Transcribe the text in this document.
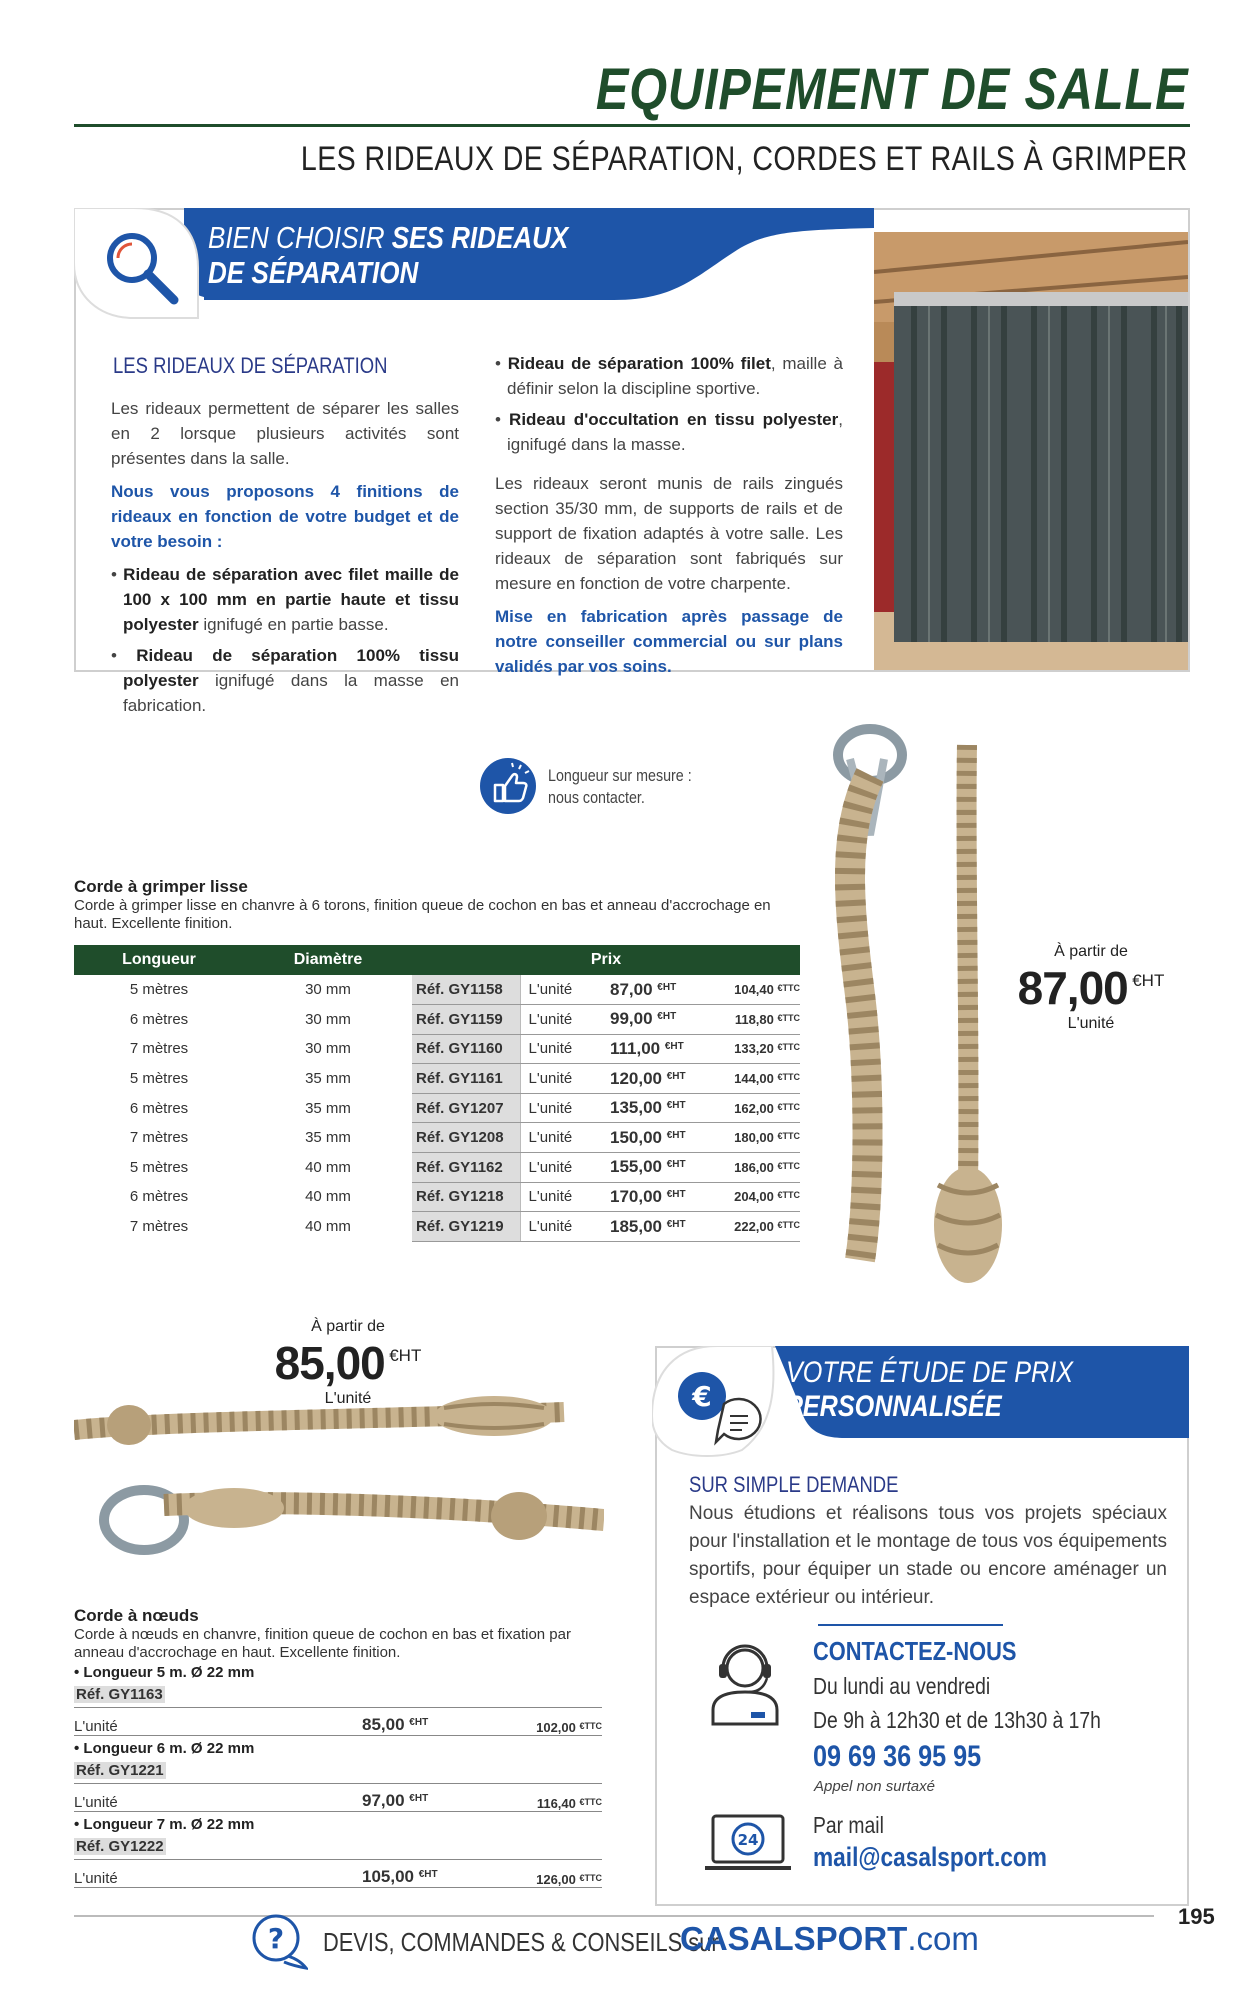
EQUIPEMENT DE SALLE
LES RIDEAUX DE SÉPARATION, CORDES ET RAILS À GRIMPER
BIEN CHOISIR SES RIDEAUX
DE SÉPARATION
LES RIDEAUX DE SÉPARATION

Les rideaux permettent de séparer les salles en 2 lorsque plusieurs activités sont présentes dans la salle.

Nous vous proposons 4 finitions de rideaux en fonction de votre budget et de votre besoin :

• Rideau de séparation avec filet maille de 100 x 100 mm en partie haute et tissu polyester ignifugé en partie basse.

• Rideau de séparation 100% tissu polyester ignifugé dans la masse en fabrication.

• Rideau de séparation 100% filet, maille à définir selon la discipline sportive.

• Rideau d'occultation en tissu polyester, ignifugé dans la masse.

Les rideaux seront munis de rails zingués section 35/30 mm, de supports de rails et de support de fixation adaptés à votre salle. Les rideaux de séparation sont fabriqués sur mesure en fonction de votre charpente.

Mise en fabrication après passage de notre conseiller commercial ou sur plans validés par vos soins.

Longueur sur mesure :
nous contacter.
Corde à grimper lisse
Corde à grimper lisse en chanvre à 6 torons, finition queue de cochon en bas et anneau d'accrochage en haut. Excellente finition.
Longueur	Diamètre	Prix			
5 mètres	30 mm	Réf. GY1158	L'unité	87,00 $^{€HT}$	104,40 $^{€TTC}$
6 mètres	30 mm	Réf. GY1159	L'unité	99,00 $^{€HT}$	118,80 $^{€TTC}$
7 mètres	30 mm	Réf. GY1160	L'unité	111,00 $^{€HT}$	133,20 $^{€TTC}$
5 mètres	35 mm	Réf. GY1161	L'unité	120,00 $^{€HT}$	144,00 $^{€TTC}$
6 mètres	35 mm	Réf. GY1207	L'unité	135,00 $^{€HT}$	162,00 $^{€TTC}$
7 mètres	35 mm	Réf. GY1208	L'unité	150,00 $^{€HT}$	180,00 $^{€TTC}$
5 mètres	40 mm	Réf. GY1162	L'unité	155,00 $^{€HT}$	186,00 $^{€TTC}$
6 mètres	40 mm	Réf. GY1218	L'unité	170,00 $^{€HT}$	204,00 $^{€TTC}$
7 mètres	40 mm	Réf. GY1219	L'unité	185,00 $^{€HT}$	222,00 $^{€TTC}$
À partir de
87,00 €HT
L'unité
À partir de
85,00 €HT
L'unité
Corde à nœuds
Corde à nœuds en chanvre, finition queue de cochon en bas et fixation par anneau d'accrochage en haut. Excellente finition.
• Longueur 5 m. Ø 22 mm
Réf. GY1163
L'unité	85,00 $^{€HT}$	102,00 $^{€TTC}$
• Longueur 6 m. Ø 22 mm
Réf. GY1221
L'unité	97,00 $^{€HT}$	116,40 $^{€TTC}$
• Longueur 7 m. Ø 22 mm
Réf. GY1222
L'unité	105,00 $^{€HT}$	126,00 $^{€TTC}$
€
VOTRE ÉTUDE DE PRIX
PERSONNALISÉE
SUR SIMPLE DEMANDE
Nous étudions et réalisons tous vos projets spéciaux pour l'installation et le montage de tous vos équipements sportifs, pour équiper un stade ou encore aménager un espace extérieur ou intérieur.
CONTACTEZ-NOUS
Du lundi au vendredi
De 9h à 12h30 et de 13h30 à 17h
09 69 36 95 95
Appel non surtaxé
24
Par mail
mail@casalsport.com
? DEVIS, COMMANDES & CONSEILS sur
CASALSPORT.com
195
